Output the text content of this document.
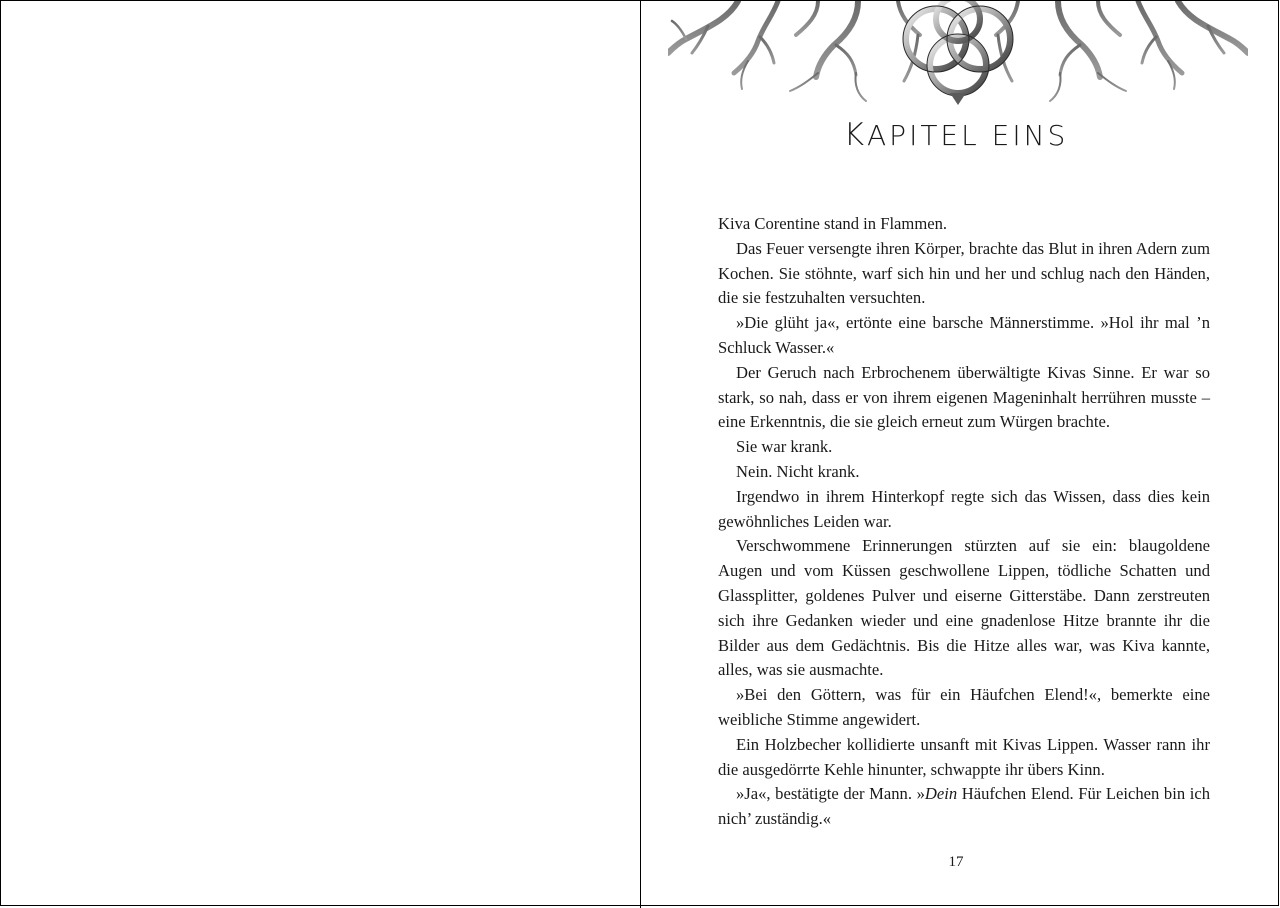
KAPITEL EINS

Kiva Corentine stand in Flammen.

Das Feuer versengte ihren Körper, brachte das Blut in ihren Adern zum Kochen. Sie stöhnte, warf sich hin und her und schlug nach den Händen, die sie festzuhalten versuchten.

»Die glüht ja«, ertönte eine barsche Männerstimme. »Hol ihr mal ’n Schluck Wasser.«

Der Geruch nach Erbrochenem überwältigte Kivas Sinne. Er war so stark, so nah, dass er von ihrem eigenen Mageninhalt herrühren musste – eine Erkenntnis, die sie gleich erneut zum Würgen brachte.

Sie war krank.

Nein. Nicht krank.

Irgendwo in ihrem Hinterkopf regte sich das Wissen, dass dies kein gewöhnliches Leiden war.

Verschwommene Erinnerungen stürzten auf sie ein: blaugoldene Augen und vom Küssen geschwollene Lippen, tödliche Schatten und Glassplitter, goldenes Pulver und eiserne Gitterstäbe. Dann zerstreuten sich ihre Gedanken wieder und eine gnadenlose Hitze brannte ihr die Bilder aus dem Gedächtnis. Bis die Hitze alles war, was Kiva kannte, alles, was sie ausmachte.

»Bei den Göttern, was für ein Häufchen Elend!«, bemerkte eine weibliche Stimme angewidert.

Ein Holzbecher kollidierte unsanft mit Kivas Lippen. Wasser rann ihr die ausgedörrte Kehle hinunter, schwappte ihr übers Kinn.

»Ja«, bestätigte der Mann. »Dein Häufchen Elend. Für Leichen bin ich nich’ zuständig.«

17
